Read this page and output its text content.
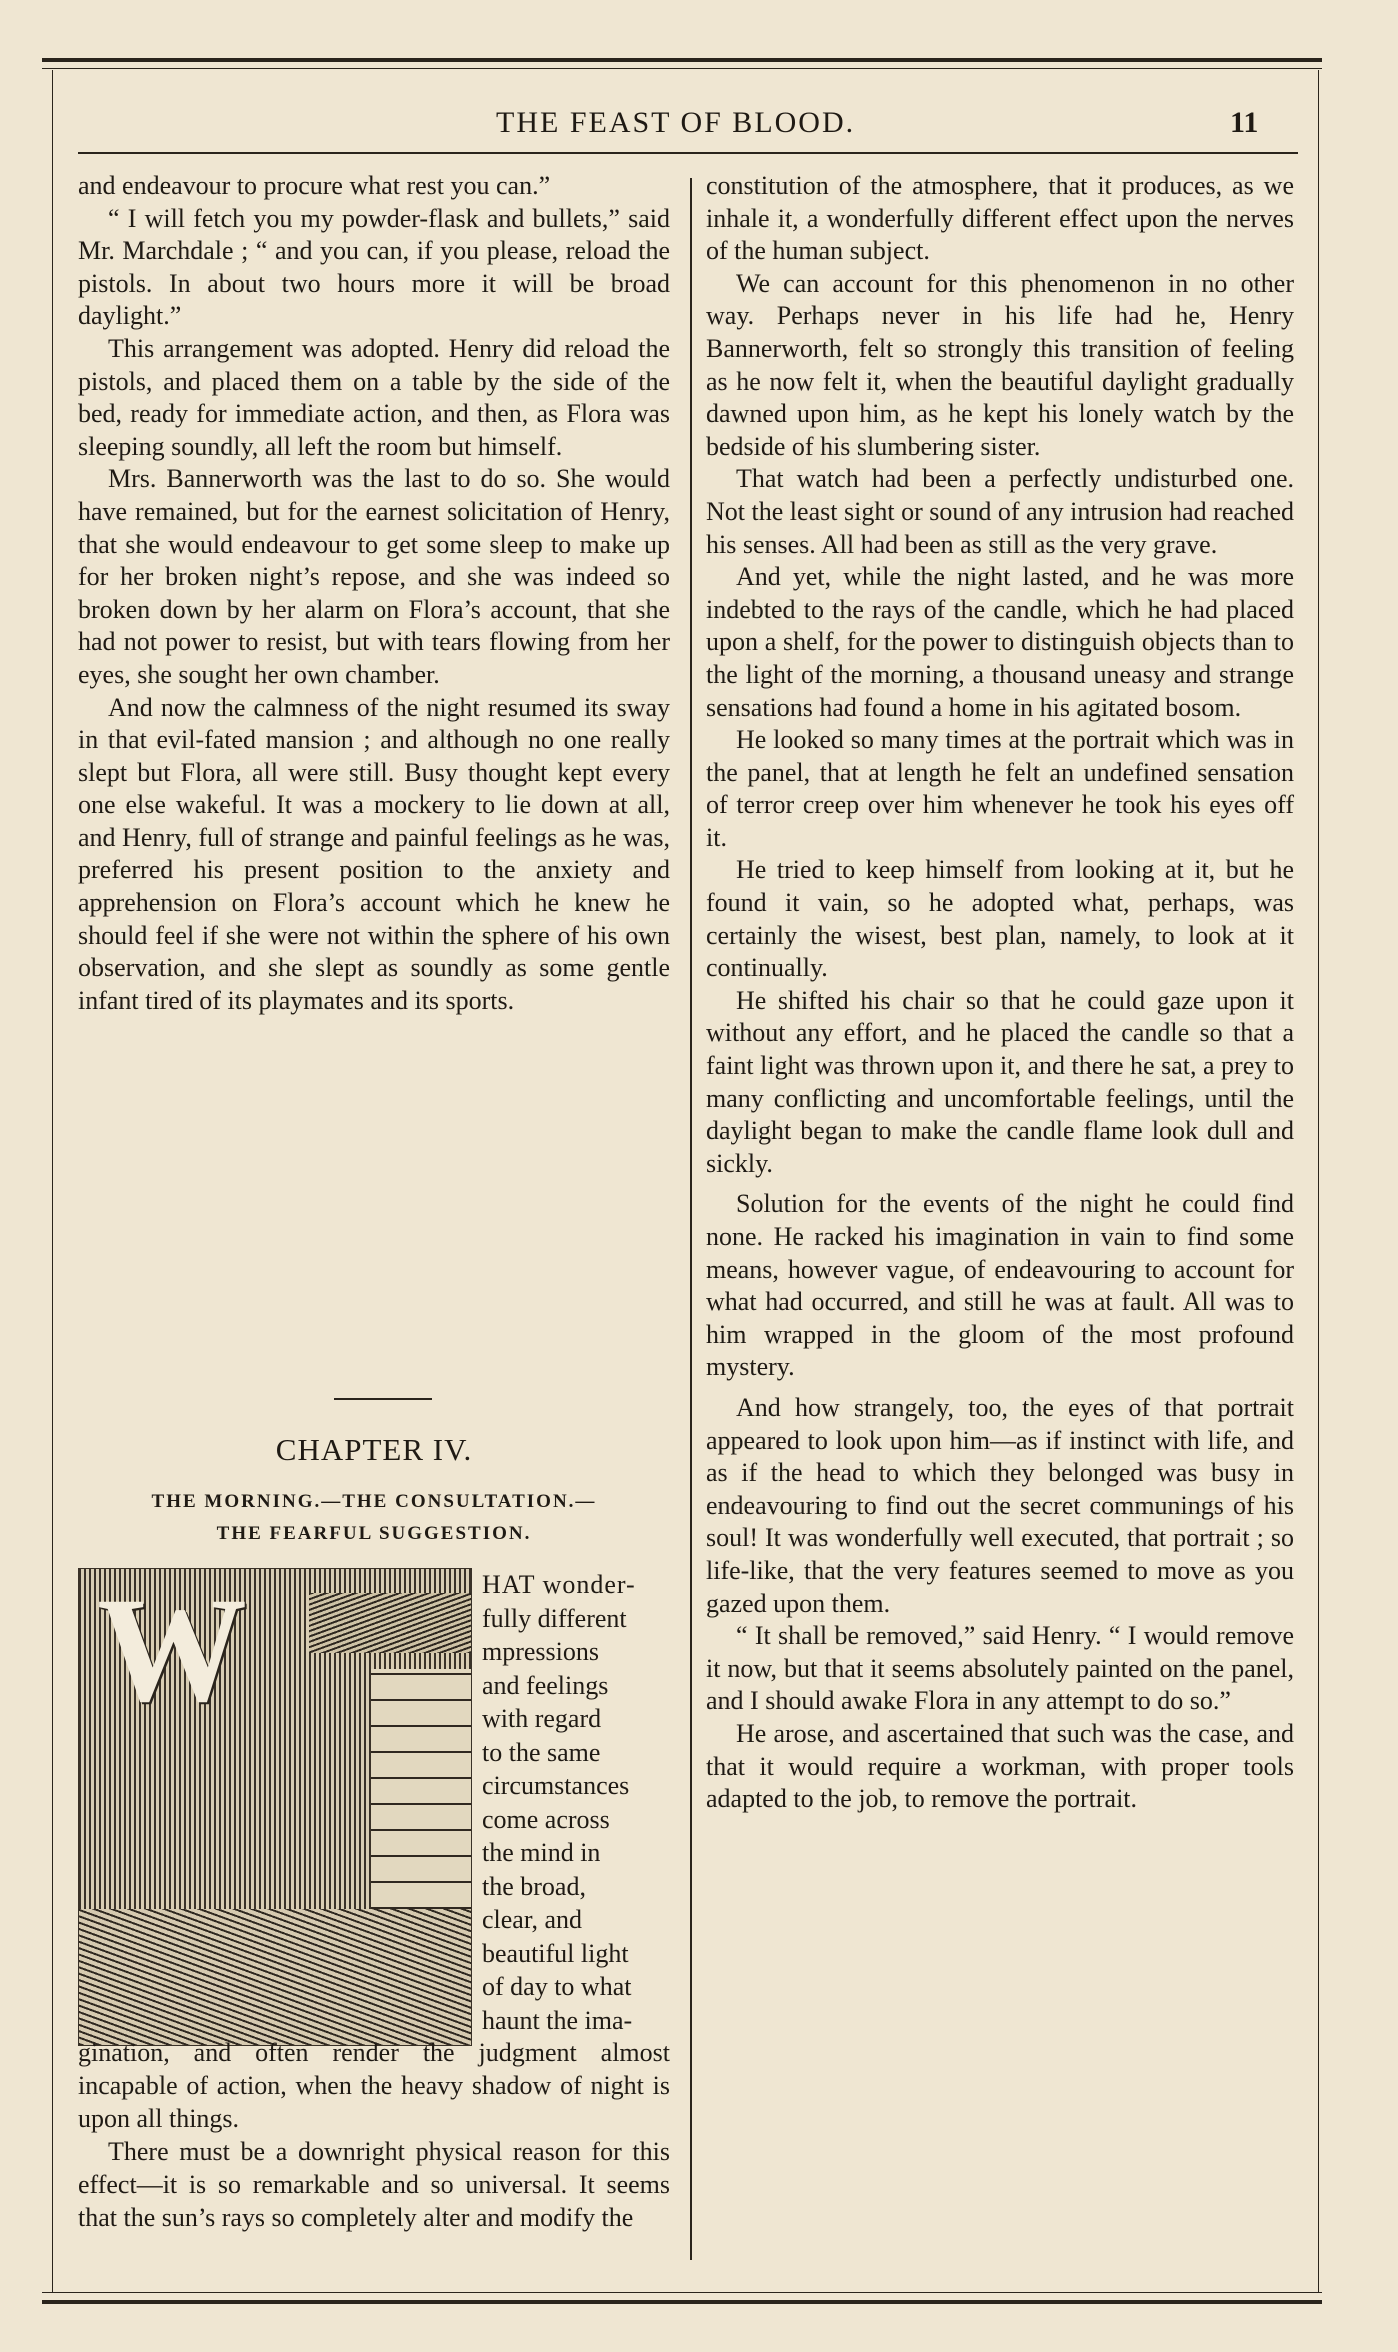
THE FEAST OF BLOOD.	11

and endeavour to procure what rest you can.”

“ I will fetch you my powder-flask and bullets,” said Mr. Marchdale ; “ and you can, if you please, reload the pistols. In about two hours more it will be broad daylight.”

This arrangement was adopted. Henry did reload the pistols, and placed them on a table by the side of the bed, ready for immediate action, and then, as Flora was sleeping soundly, all left the room but himself.

Mrs. Bannerworth was the last to do so. She would have remained, but for the earnest solicitation of Henry, that she would endeavour to get some sleep to make up for her broken night’s repose, and she was indeed so broken down by her alarm on Flora’s account, that she had not power to resist, but with tears flowing from her eyes, she sought her own chamber.

And now the calmness of the night resumed its sway in that evil-fated mansion ; and although no one really slept but Flora, all were still. Busy thought kept every one else wakeful. It was a mockery to lie down at all, and Henry, full of strange and painful feelings as he was, preferred his present position to the anxiety and apprehension on Flora’s account which he knew he should feel if she were not within the sphere of his own observation, and she slept as soundly as some gentle infant tired of its playmates and its sports.

CHAPTER IV.
THE MORNING.—THE CONSULTATION.—
THE FEARFUL SUGGESTION.
W	HAT wonder-

fully different

mpressions

and feelings

with regard

to the same

circumstances

come across

the mind in

the broad,

clear, and

beautiful light

of day to what

haunt the ima-

gination, and often render the judgment almost incapable of action, when the heavy shadow of night is upon all things.

There must be a downright physical reason for this effect—it is so remarkable and so universal. It seems that the sun’s rays so completely alter and modify the

constitution of the atmosphere, that it produces, as we inhale it, a wonderfully different effect upon the nerves of the human subject.

We can account for this phenomenon in no other way. Perhaps never in his life had he, Henry Bannerworth, felt so strongly this transition of feeling as he now felt it, when the beautiful daylight gradually dawned upon him, as he kept his lonely watch by the bedside of his slumbering sister.

That watch had been a perfectly undisturbed one. Not the least sight or sound of any intrusion had reached his senses. All had been as still as the very grave.

And yet, while the night lasted, and he was more indebted to the rays of the candle, which he had placed upon a shelf, for the power to distinguish objects than to the light of the morning, a thousand uneasy and strange sensations had found a home in his agitated bosom.

He looked so many times at the portrait which was in the panel, that at length he felt an undefined sensation of terror creep over him whenever he took his eyes off it.

He tried to keep himself from looking at it, but he found it vain, so he adopted what, perhaps, was certainly the wisest, best plan, namely, to look at it continually.

He shifted his chair so that he could gaze upon it without any effort, and he placed the candle so that a faint light was thrown upon it, and there he sat, a prey to many conflicting and uncomfortable feelings, until the daylight began to make the candle flame look dull and sickly.

Solution for the events of the night he could find none. He racked his imagination in vain to find some means, however vague, of endeavouring to account for what had occurred, and still he was at fault. All was to him wrapped in the gloom of the most profound mystery.

And how strangely, too, the eyes of that portrait appeared to look upon him—as if instinct with life, and as if the head to which they belonged was busy in endeavouring to find out the secret communings of his soul! It was wonderfully well executed, that portrait ; so life-like, that the very features seemed to move as you gazed upon them.

“ It shall be removed,” said Henry. “ I would remove it now, but that it seems absolutely painted on the panel, and I should awake Flora in any attempt to do so.”

He arose, and ascertained that such was the case, and that it would require a workman, with proper tools adapted to the job, to remove the portrait.
